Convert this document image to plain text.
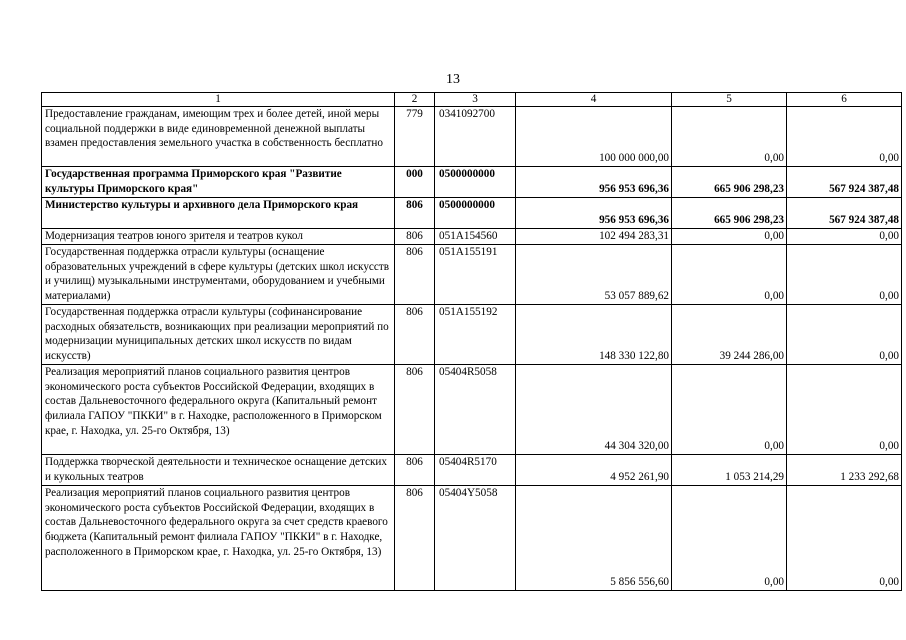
13
1	2	3	4	5	6
Предоставление гражданам, имеющим трех и более детей, иной меры социальной поддержки в виде единовременной денежной выплаты взамен предоставления земельного участка в собственность бесплатно	779	0341092700	100 000 000,00	0,00	0,00
Государственная программа Приморского края "Развитие культуры Приморского края"	000	0500000000	956 953 696,36	665 906 298,23	567 924 387,48
Министерство культуры и архивного дела Приморского края	806	0500000000	956 953 696,36	665 906 298,23	567 924 387,48
Модернизация театров юного зрителя и театров кукол	806	051A154560	102 494 283,31	0,00	0,00
Государственная поддержка отрасли культуры (оснащение образовательных учреждений в сфере культуры (детских школ искусств и училищ) музыкальными инструментами, оборудованием и учебными материалами)	806	051A155191	53 057 889,62	0,00	0,00
Государственная поддержка отрасли культуры (софинансирование расходных обязательств, возникающих при реализации мероприятий по модернизации муниципальных детских школ искусств по видам искусств)	806	051A155192	148 330 122,80	39 244 286,00	0,00
Реализация мероприятий планов социального развития центров экономического роста субъектов Российской Федерации, входящих в состав Дальневосточного федерального округа (Капитальный ремонт филиала ГАПОУ "ПККИ" в г. Находке, расположенного в Приморском крае, г. Находка, ул. 25-го Октября, 13)	806	05404R5058	44 304 320,00	0,00	0,00
Поддержка творческой деятельности и техническое оснащение детских и кукольных театров	806	05404R5170	4 952 261,90	1 053 214,29	1 233 292,68
Реализация мероприятий планов социального развития центров экономического роста субъектов Российской Федерации, входящих в состав Дальневосточного федерального округа за счет средств краевого бюджета (Капитальный ремонт филиала ГАПОУ "ПККИ" в г. Находке, расположенного в Приморском крае, г. Находка, ул. 25-го Октября, 13)	806	05404Y5058	5 856 556,60	0,00	0,00
